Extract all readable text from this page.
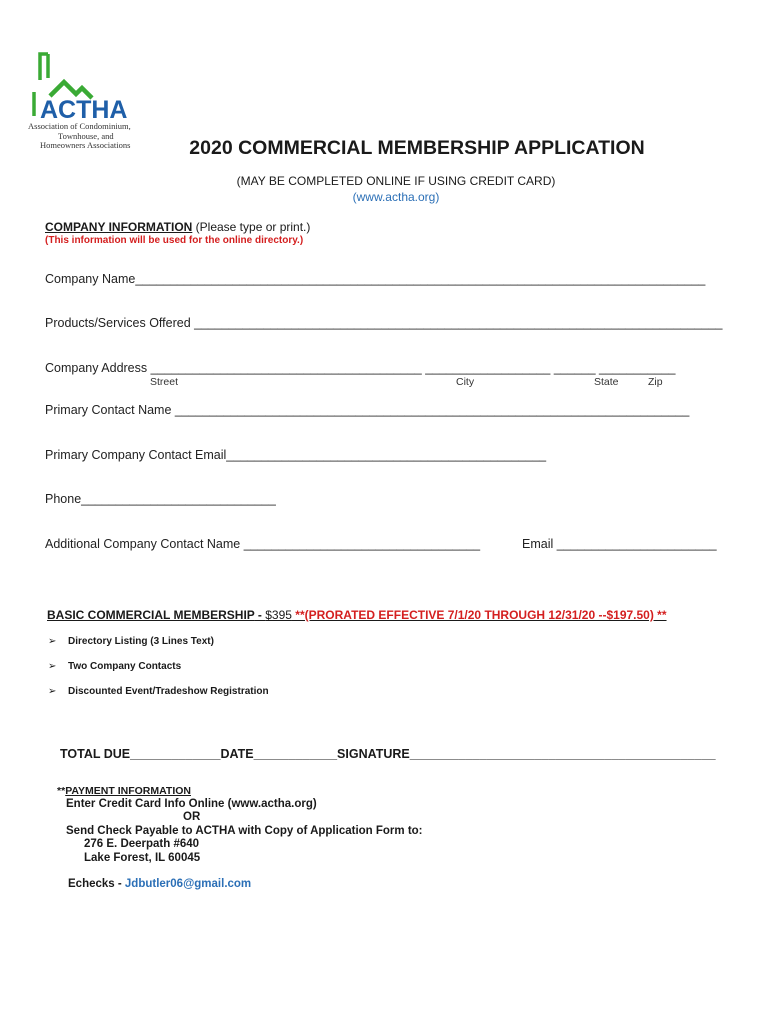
ACTHA
Association of Condominium,
Townhouse, and
Homeowners Associations	2020 COMMERCIAL MEMBERSHIP APPLICATION
(MAY BE COMPLETED ONLINE IF USING CREDIT CARD)
(www.actha.org)
COMPANY INFORMATION (Please type or print.)
(This information will be used for the online directory.)
Company Name__________________________________________________________________________________
Products/Services Offered ____________________________________________________________________________
Company Address _______________________________________ __________________ ______ ___________
Street	City	State	Zip
Primary Contact Name __________________________________________________________________________
Primary Company Contact Email______________________________________________
Phone____________________________
Additional Company Contact Name __________________________________	Email _______________________
BASIC COMMERCIAL MEMBERSHIP - $395 **(PRORATED EFFECTIVE 7/1/20 THROUGH 12/31/20 --$197.50) **
➢ Directory Listing (3 Lines Text)
➢ Two Company Contacts
➢ Discounted Event/Tradeshow Registration
TOTAL DUE_____________DATE____________SIGNATURE____________________________________________
**PAYMENT INFORMATION
Enter Credit Card Info Online (www.actha.org)
OR
Send Check Payable to ACTHA with Copy of Application Form to:
276 E. Deerpath #640
Lake Forest, IL 60045
Echecks - Jdbutler06@gmail.com
